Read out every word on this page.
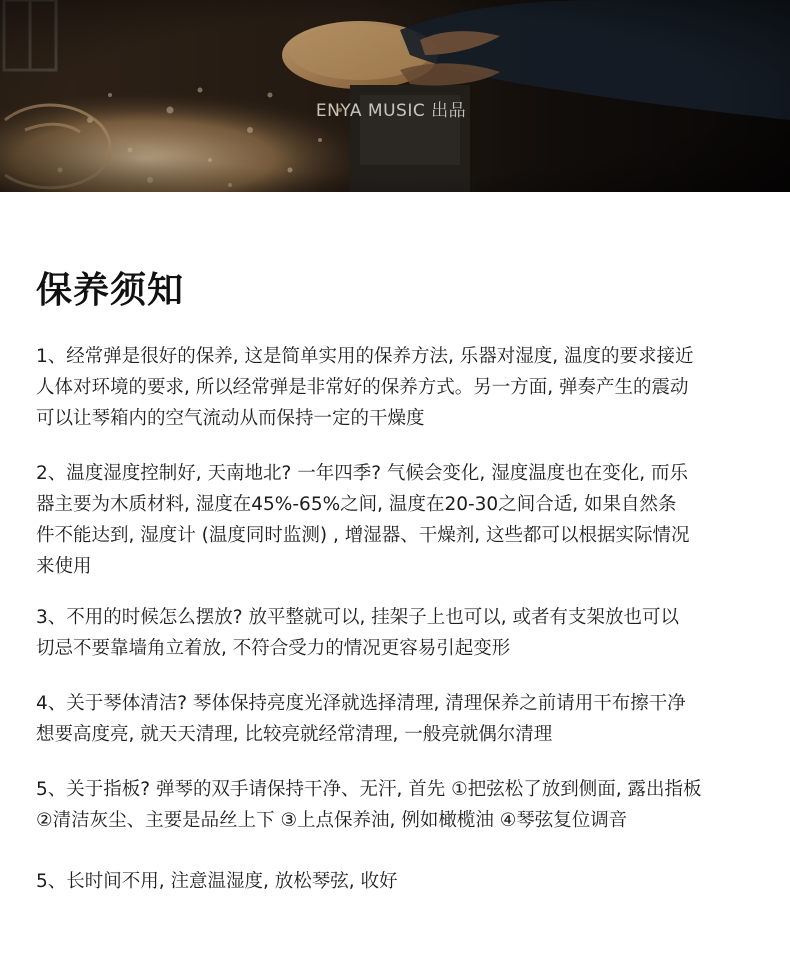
ENYA MUSIC 出品
保养须知

1、经常弹是很好的保养, 这是简单实用的保养方法, 乐器对湿度, 温度的要求接近
人体对环境的要求, 所以经常弹是非常好的保养方式。另一方面, 弹奏产生的震动
可以让琴箱内的空气流动从而保持一定的干燥度

2、温度湿度控制好, 天南地北? 一年四季? 气候会变化, 湿度温度也在变化, 而乐
器主要为木质材料, 湿度在45%-65%之间, 温度在20-30之间合适, 如果自然条
件不能达到, 湿度计 (温度同时监测) , 增湿器、干燥剂, 这些都可以根据实际情况
来使用

3、不用的时候怎么摆放? 放平整就可以, 挂架子上也可以, 或者有支架放也可以
切忌不要靠墙角立着放, 不符合受力的情况更容易引起变形

4、关于琴体清洁? 琴体保持亮度光泽就选择清理, 清理保养之前请用干布擦干净
想要高度亮, 就天天清理, 比较亮就经常清理, 一般亮就偶尔清理

5、关于指板? 弹琴的双手请保持干净、无汗, 首先 ①把弦松了放到侧面, 露出指板
②清洁灰尘、主要是品丝上下 ③上点保养油, 例如橄榄油 ④琴弦复位调音

5、长时间不用, 注意温湿度, 放松琴弦, 收好
